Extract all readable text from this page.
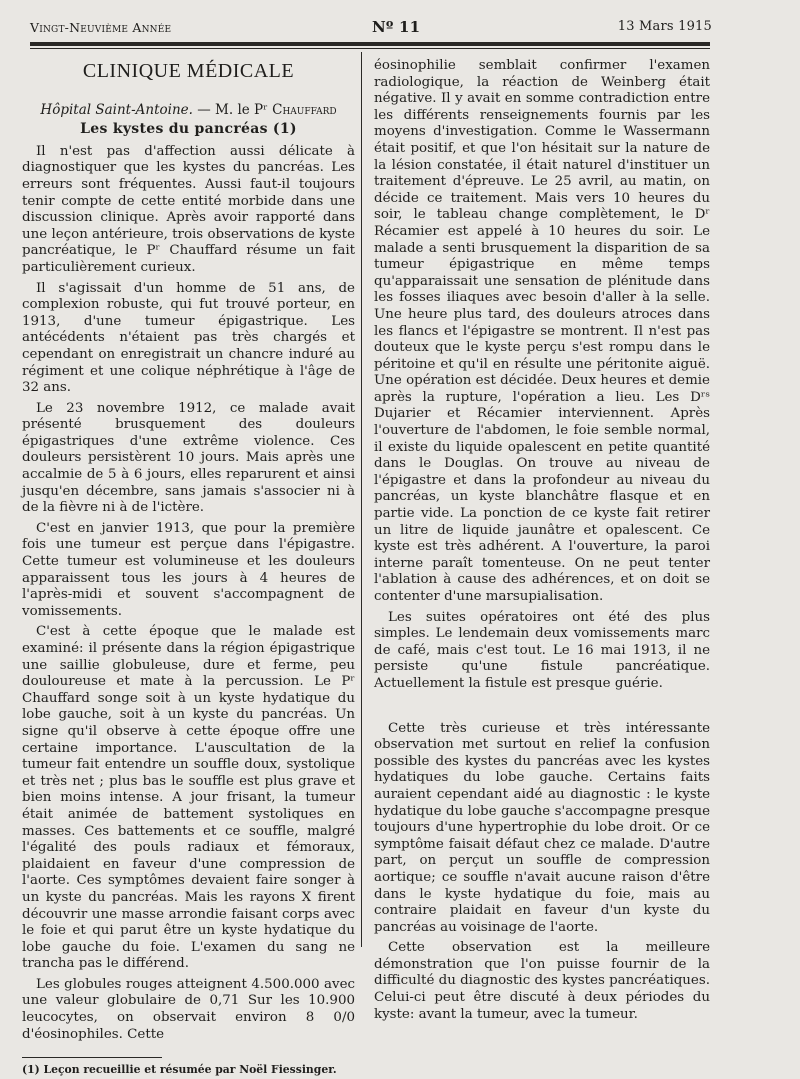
Vingt-Neuvième Année	Nº 11	13 Mars 1915
CLINIQUE MÉDICALE
Hôpital Saint-Antoine. — M. le Pʳ Chauffard
Les kystes du pancréas (1)

Il n'est pas d'affection aussi délicate à diagnostiquer que les kystes du pancréas. Les erreurs sont fréquentes. Aussi faut-il toujours tenir compte de cette entité morbide dans une discussion clinique. Après avoir rapporté dans une leçon antérieure, trois observations de kyste pancréatique, le Pʳ Chauffard résume un fait particulièrement curieux.

Il s'agissait d'un homme de 51 ans, de complexion robuste, qui fut trouvé porteur, en 1913, d'une tumeur épigastrique. Les antécédents n'étaient pas très chargés et cependant on enregistrait un chancre induré au régiment et une colique néphrétique à l'âge de 32 ans.

Le 23 novembre 1912, ce malade avait présenté brusquement des douleurs épigastriques d'une extrême violence. Ces douleurs persistèrent 10 jours. Mais après une accalmie de 5 à 6 jours, elles reparurent et ainsi jusqu'en décembre, sans jamais s'associer ni à de la fièvre ni à de l'ictère.

C'est en janvier 1913, que pour la première fois une tumeur est perçue dans l'épigastre. Cette tumeur est volumineuse et les douleurs apparaissent tous les jours à 4 heures de l'après-midi et souvent s'accompagnent de vomissements.

C'est à cette époque que le malade est examiné: il présente dans la région épigastrique une saillie globuleuse, dure et ferme, peu douloureuse et mate à la percussion. Le Pʳ Chauffard songe soit à un kyste hydatique du lobe gauche, soit à un kyste du pancréas. Un signe qu'il observe à cette époque offre une certaine importance. L'auscultation de la tumeur fait entendre un souffle doux, systolique et très net ; plus bas le souffle est plus grave et bien moins intense. A jour frisant, la tumeur était animée de battement systoliques en masses. Ces battements et ce souffle, malgré l'égalité des pouls radiaux et fémoraux, plaidaient en faveur d'une compression de l'aorte. Ces symptômes devaient faire songer à un kyste du pancréas. Mais les rayons X firent découvrir une masse arrondie faisant corps avec le foie et qui parut être un kyste hydatique du lobe gauche du foie. L'examen du sang ne trancha pas le différend.

Les globules rouges atteignent 4.500.000 avec une valeur globulaire de 0,71 Sur les 10.900 leucocytes, on observait environ 8 0/0 d'éosinophiles. Cette

(1) Leçon recueillie et résumée par Noël Fiessinger.

éosinophilie semblait confirmer l'examen radiologique, la réaction de Weinberg était négative. Il y avait en somme contradiction entre les différents renseignements fournis par les moyens d'investigation. Comme le Wassermann était positif, et que l'on hésitait sur la nature de la lésion constatée, il était naturel d'instituer un traitement d'épreuve. Le 25 avril, au matin, on décide ce traitement. Mais vers 10 heures du soir, le tableau change complètement, le Dʳ Récamier est appelé à 10 heures du soir. Le malade a senti brusquement la disparition de sa tumeur épigastrique en même temps qu'apparaissait une sensation de plénitude dans les fosses iliaques avec besoin d'aller à la selle. Une heure plus tard, des douleurs atroces dans les flancs et l'épigastre se montrent. Il n'est pas douteux que le kyste perçu s'est rompu dans le péritoine et qu'il en résulte une péritonite aiguë. Une opération est décidée. Deux heures et demie après la rupture, l'opération a lieu. Les Dʳˢ Dujarier et Récamier interviennent. Après l'ouverture de l'abdomen, le foie semble normal, il existe du liquide opalescent en petite quantité dans le Douglas. On trouve au niveau de l'épigastre et dans la profondeur au niveau du pancréas, un kyste blanchâtre flasque et en partie vide. La ponction de ce kyste fait retirer un litre de liquide jaunâtre et opalescent. Ce kyste est très adhérent. A l'ouverture, la paroi interne paraît tomenteuse. On ne peut tenter l'ablation à cause des adhérences, et on doit se contenter d'une marsupialisation.

Les suites opératoires ont été des plus simples. Le lendemain deux vomissements marc de café, mais c'est tout. Le 16 mai 1913, il ne persiste qu'une fistule pancréatique. Actuellement la fistule est presque guérie.

Cette très curieuse et très intéressante observation met surtout en relief la confusion possible des kystes du pancréas avec les kystes hydatiques du lobe gauche. Certains faits auraient cependant aidé au diagnostic : le kyste hydatique du lobe gauche s'accompagne presque toujours d'une hypertrophie du lobe droit. Or ce symptôme faisait défaut chez ce malade. D'autre part, on perçut un souffle de compression aortique; ce souffle n'avait aucune raison d'être dans le kyste hydatique du foie, mais au contraire plaidait en faveur d'un kyste du pancréas au voisinage de l'aorte.

Cette observation est la meilleure démonstration que l'on puisse fournir de la difficulté du diagnostic des kystes pancréatiques. Celui-ci peut être discuté à deux périodes du kyste: avant la tumeur, avec la tumeur.
